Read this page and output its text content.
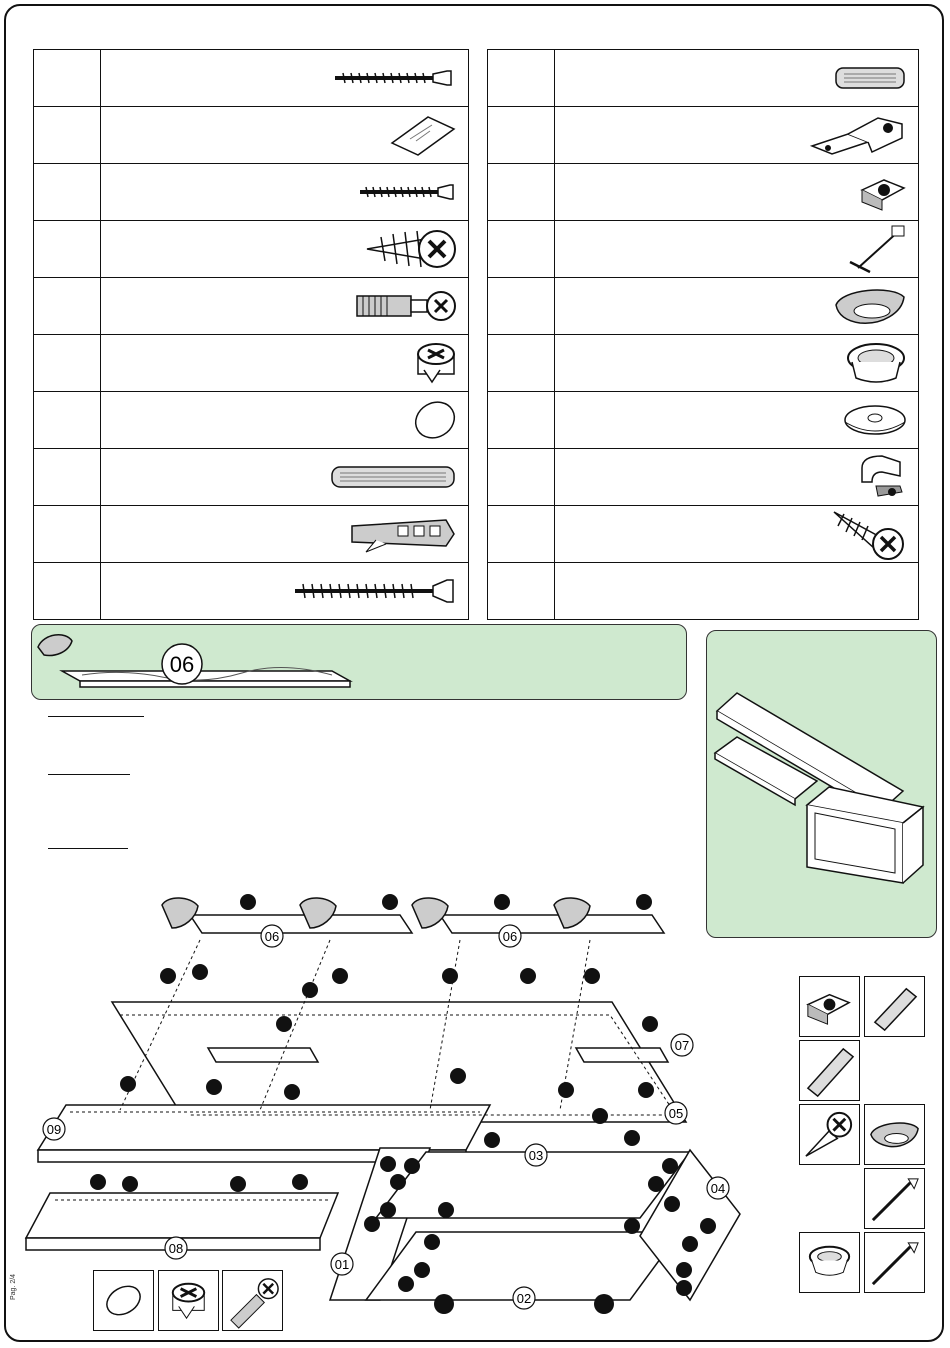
06
06	06
07
05
09
03
04
08
01
02
Pag. 2/4
